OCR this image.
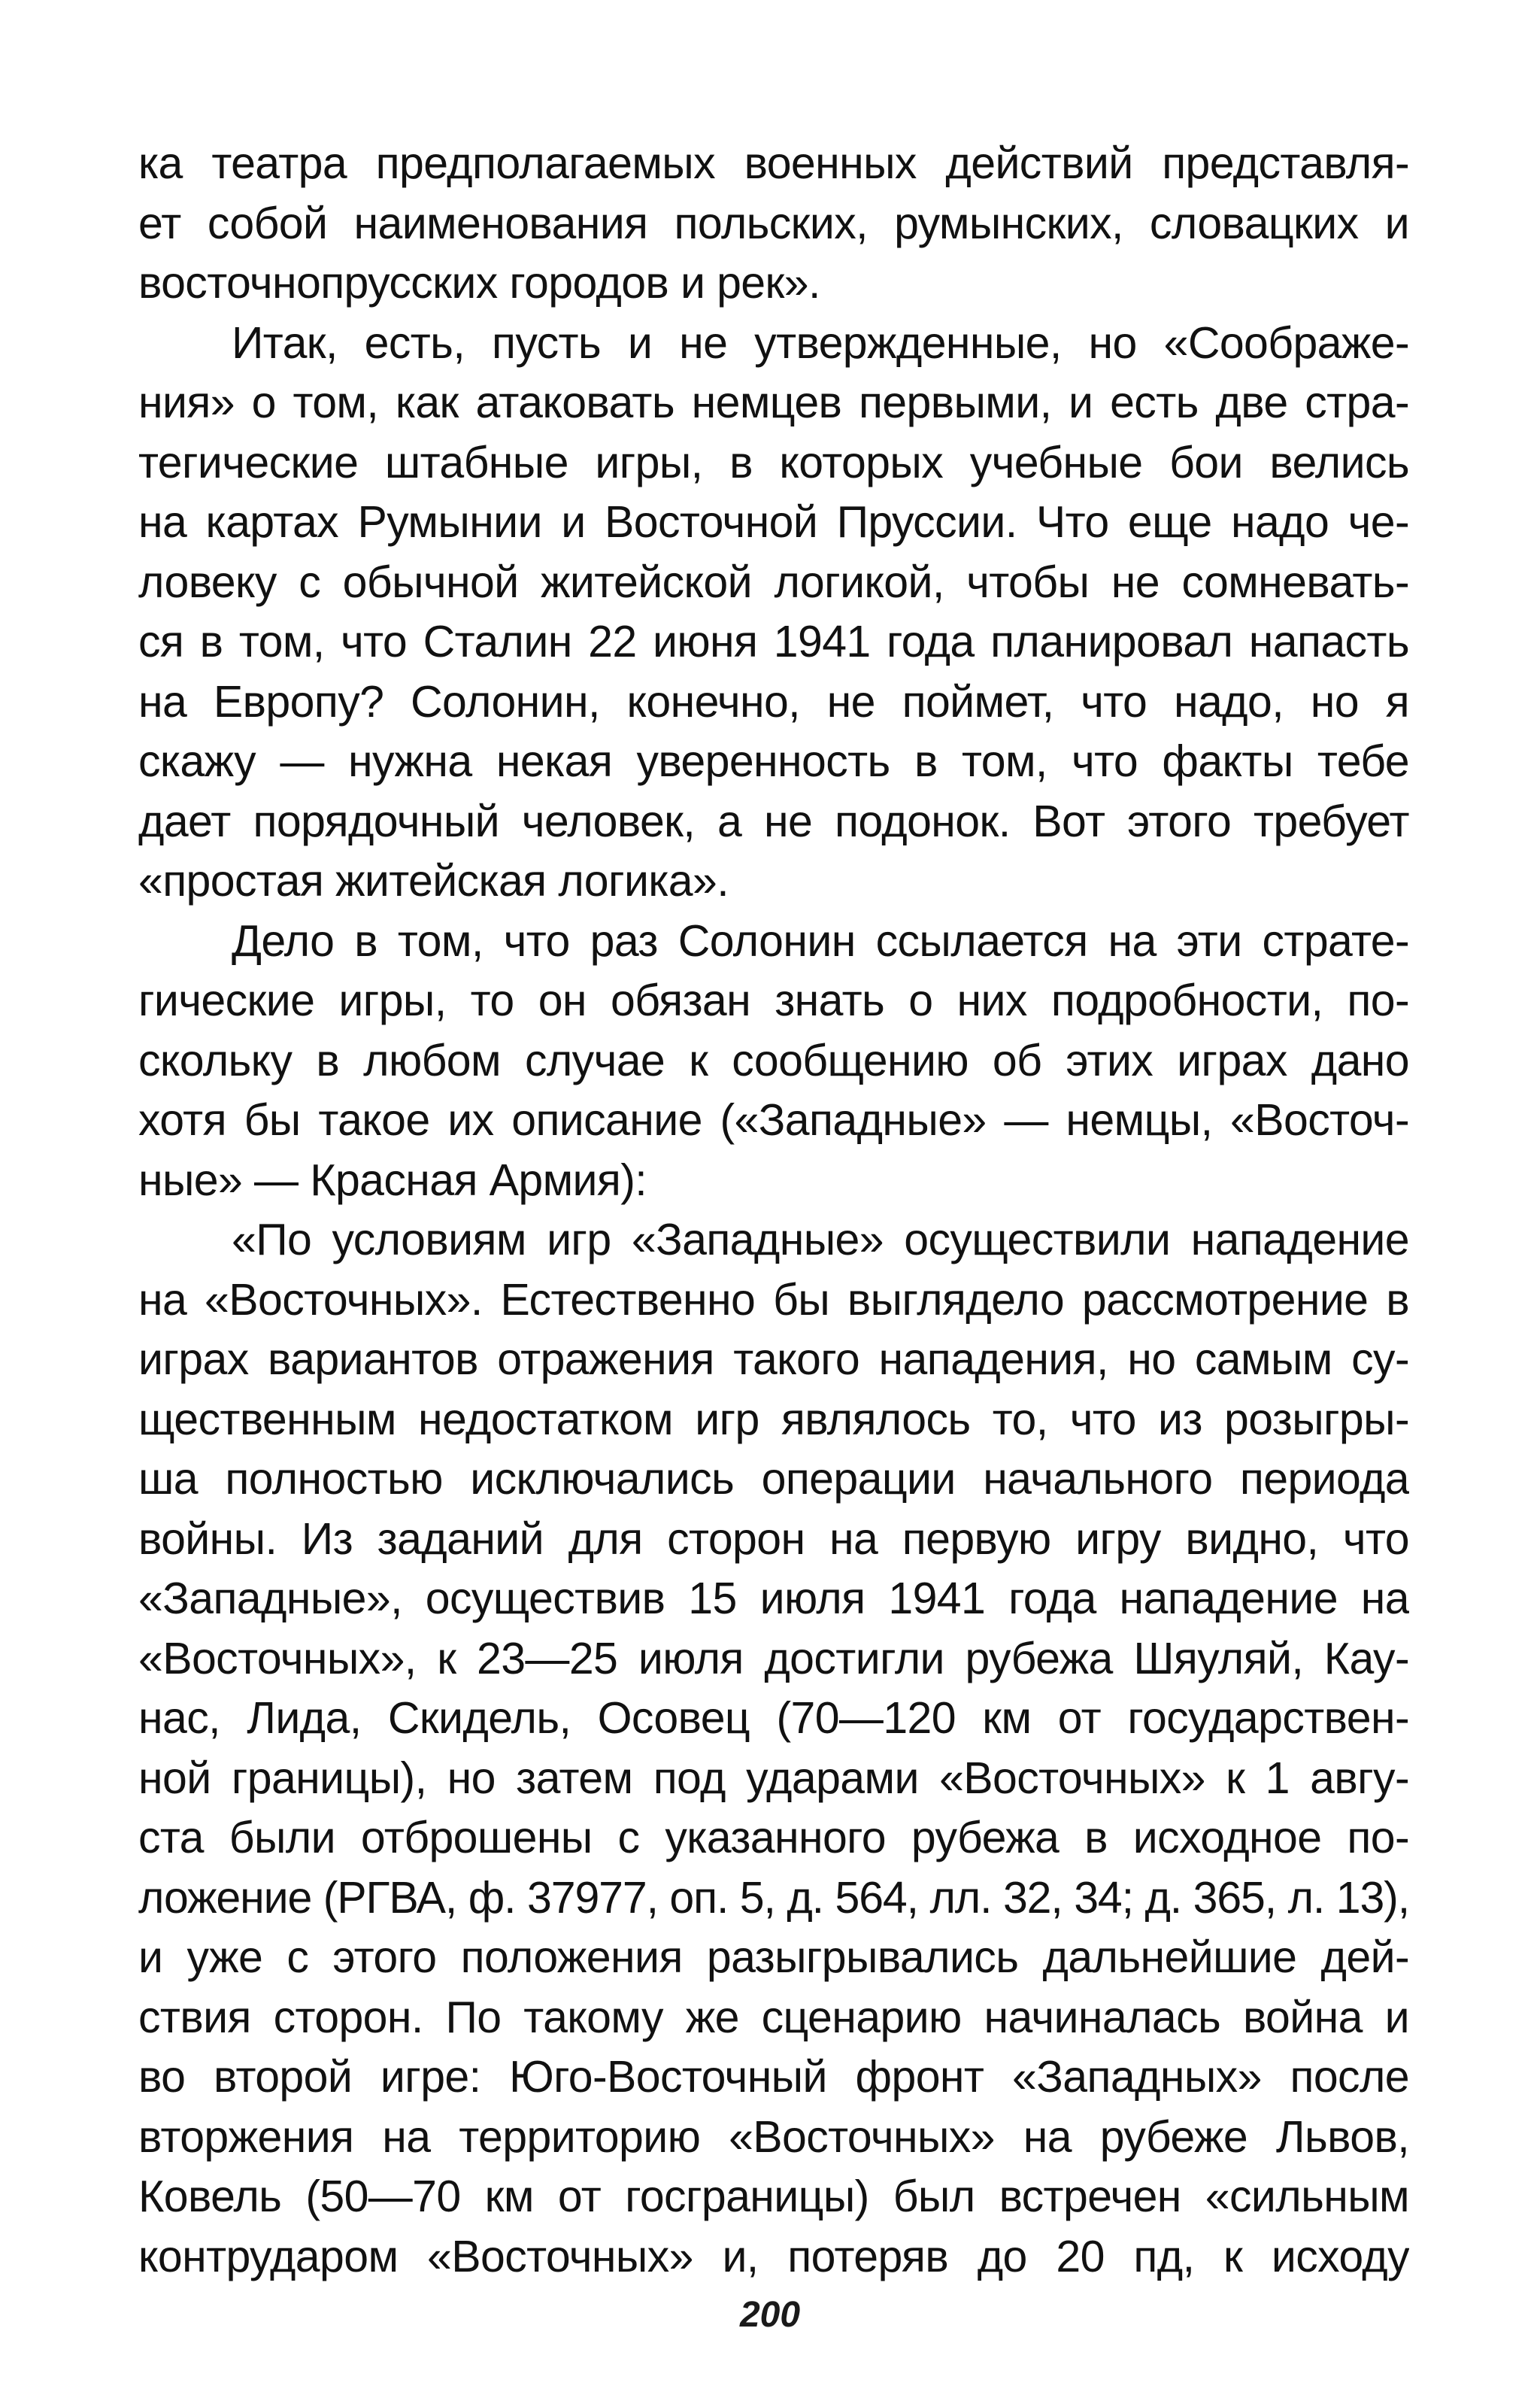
ка театра предполагаемых военных действий представля-
ет собой наименования польских, румынских, словацких и
восточнопрусских городов и рек».
Итак, есть, пусть и не утвержденные, но «Соображе-
ния» о том, как атаковать немцев первыми, и есть две стра-
тегические штабные игры, в которых учебные бои велись
на картах Румынии и Восточной Пруссии. Что еще надо че-
ловеку с обычной житейской логикой, чтобы не сомневать-
ся в том, что Сталин 22 июня 1941 года планировал напасть
на Европу? Солонин, конечно, не поймет, что надо, но я
скажу — нужна некая уверенность в том, что факты тебе
дает порядочный человек, а не подонок. Вот этого требует
«простая житейская логика».
Дело в том, что раз Солонин ссылается на эти страте-
гические игры, то он обязан знать о них подробности, по-
скольку в любом случае к сообщению об этих играх дано
хотя бы такое их описание («Западные» — немцы, «Восточ-
ные» — Красная Армия):
«По условиям игр «Западные» осуществили нападение
на «Восточных». Естественно бы выглядело рассмотрение в
играх вариантов отражения такого нападения, но самым су-
щественным недостатком игр являлось то, что из розыгры-
ша полностью исключались операции начального периода
войны. Из заданий для сторон на первую игру видно, что
«Западные», осуществив 15 июля 1941 года нападение на
«Восточных», к 23—25 июля достигли рубежа Шяуляй, Кау-
нас, Лида, Скидель, Осовец (70—120 км от государствен-
ной границы), но затем под ударами «Восточных» к 1 авгу-
ста были отброшены с указанного рубежа в исходное по-
ложение (РГВА, ф. 37977, оп. 5, д. 564, лл. 32, 34; д. 365, л. 13),
и уже с этого положения разыгрывались дальнейшие дей-
ствия сторон. По такому же сценарию начиналась война и
во второй игре: Юго-Восточный фронт «Западных» после
вторжения на территорию «Восточных» на рубеже Львов,
Ковель (50—70 км от госграницы) был встречен «сильным
контрударом «Восточных» и, потеряв до 20 пд, к исходу
200
